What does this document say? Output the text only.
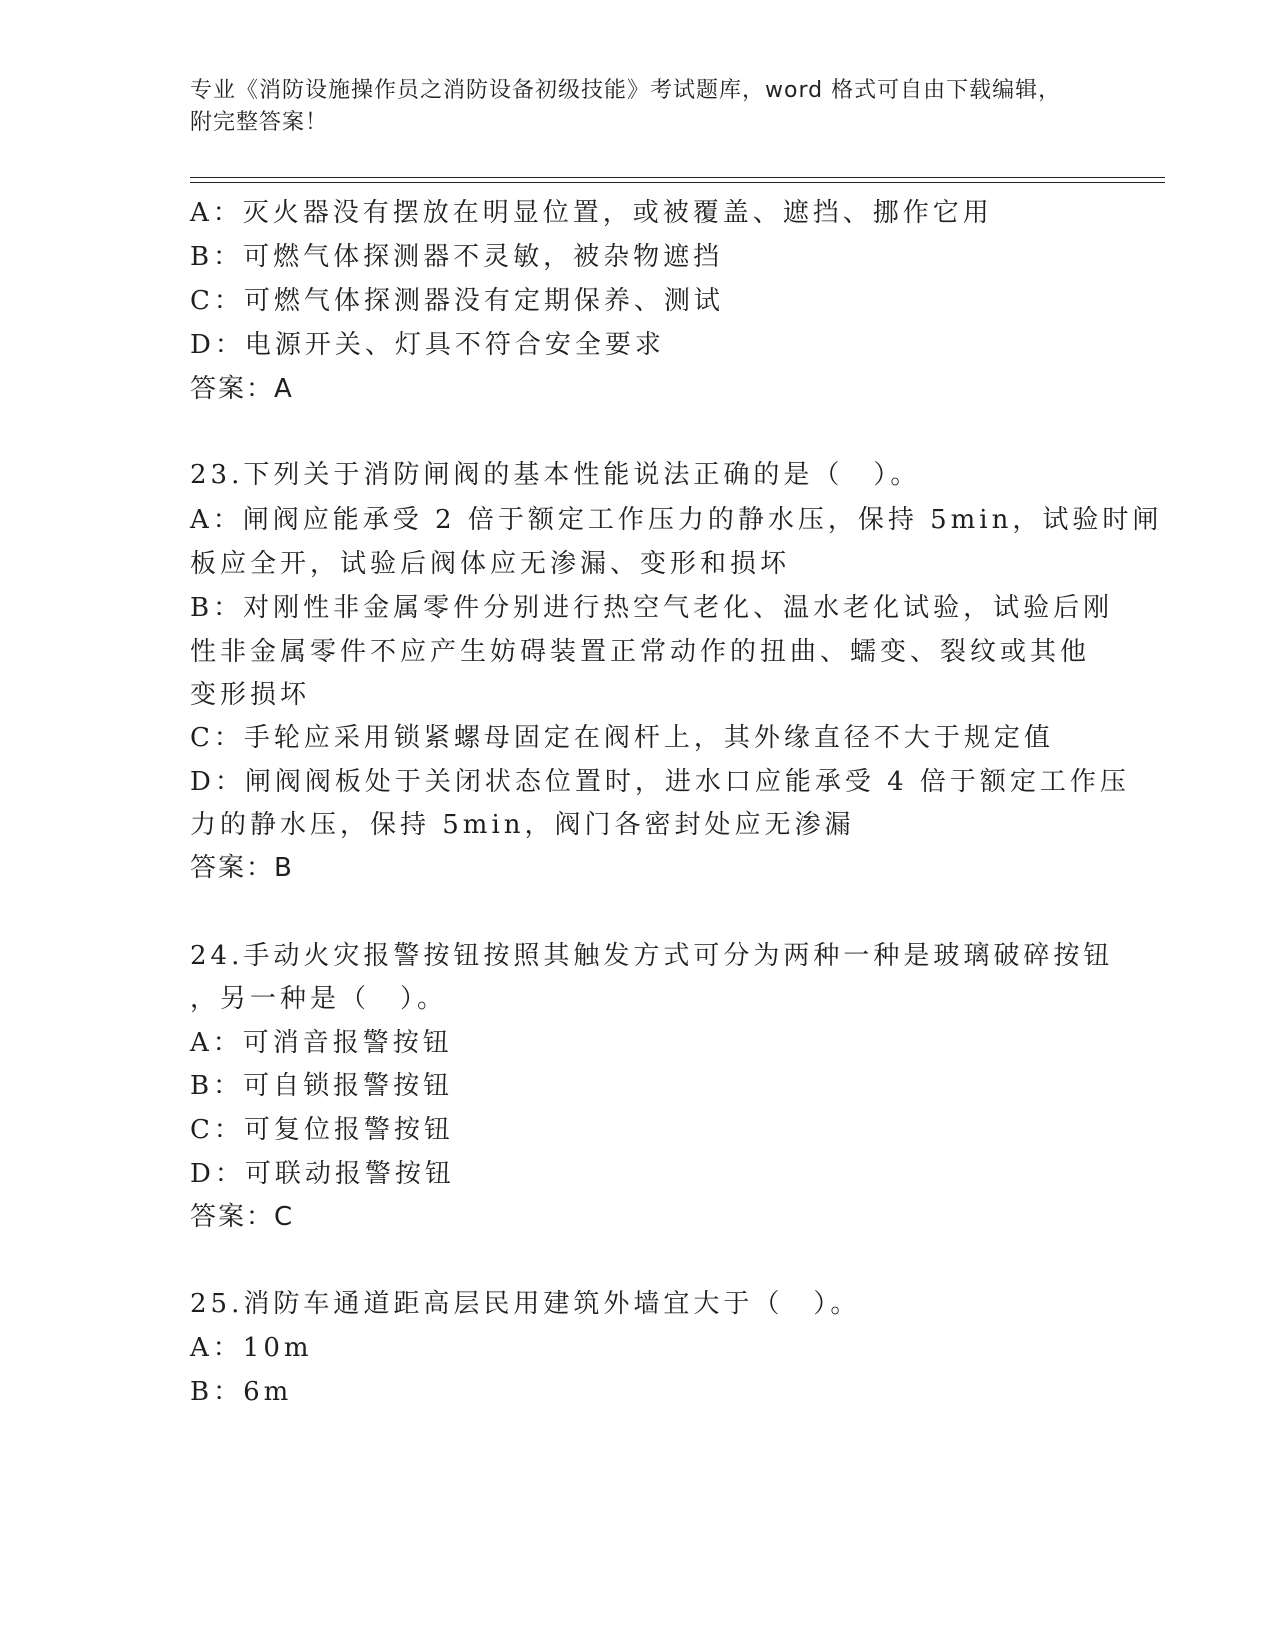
专业《消防设施操作员之消防设备初级技能》考试题库，word 格式可自由下载编辑，附完整答案！
A：灭火器没有摆放在明显位置，或被覆盖、遮挡、挪作它用
B：可燃气体探测器不灵敏，被杂物遮挡
C：可燃气体探测器没有定期保养、测试
D：电源开关、灯具不符合安全要求
答案：A
23.下列关于消防闸阀的基本性能说法正确的是（　）。
A：闸阀应能承受 2 倍于额定工作压力的静水压，保持 5min，试验时闸
板应全开，试验后阀体应无渗漏、变形和损坏
B：对刚性非金属零件分别进行热空气老化、温水老化试验，试验后刚
性非金属零件不应产生妨碍装置正常动作的扭曲、蠕变、裂纹或其他
变形损坏
C：手轮应采用锁紧螺母固定在阀杆上，其外缘直径不大于规定值
D：闸阀阀板处于关闭状态位置时，进水口应能承受 4 倍于额定工作压
力的静水压，保持 5min，阀门各密封处应无渗漏
答案：B
24.手动火灾报警按钮按照其触发方式可分为两种一种是玻璃破碎按钮
，另一种是（　）。
A：可消音报警按钮
B：可自锁报警按钮
C：可复位报警按钮
D：可联动报警按钮
答案：C
25.消防车通道距高层民用建筑外墙宜大于（　）。
A：10m
B：6m
